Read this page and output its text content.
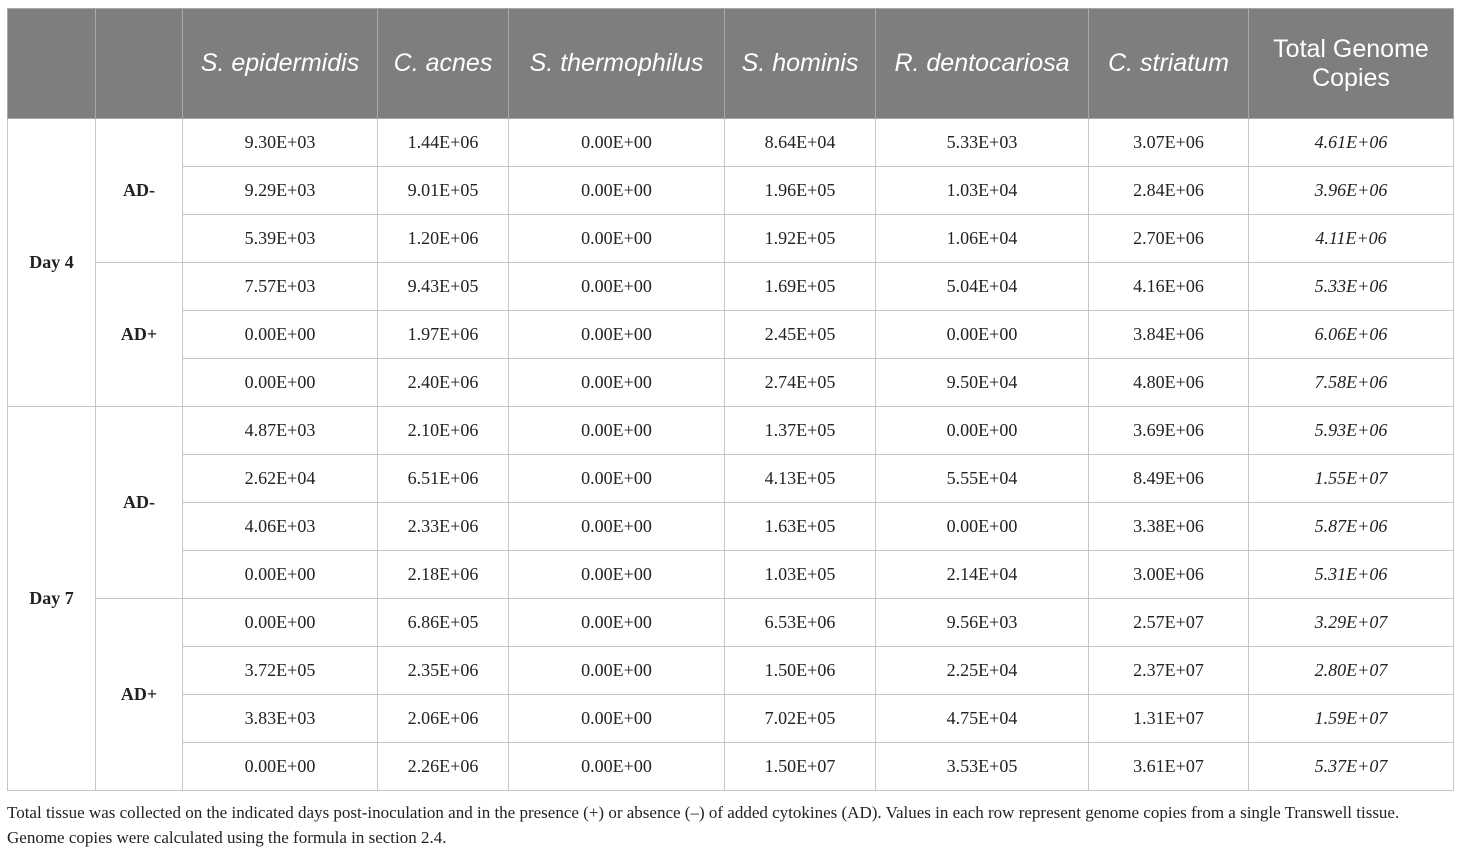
		S. epidermidis	C. acnes	S. thermophilus	S. hominis	R. dentocariosa	C. striatum	Total Genome Copies
Day 4	AD-	9.30E+03	1.44E+06	0.00E+00	8.64E+04	5.33E+03	3.07E+06	4.61E+06
		9.29E+03	9.01E+05	0.00E+00	1.96E+05	1.03E+04	2.84E+06	3.96E+06
		5.39E+03	1.20E+06	0.00E+00	1.92E+05	1.06E+04	2.70E+06	4.11E+06
	AD+	7.57E+03	9.43E+05	0.00E+00	1.69E+05	5.04E+04	4.16E+06	5.33E+06
		0.00E+00	1.97E+06	0.00E+00	2.45E+05	0.00E+00	3.84E+06	6.06E+06
		0.00E+00	2.40E+06	0.00E+00	2.74E+05	9.50E+04	4.80E+06	7.58E+06
Day 7	AD-	4.87E+03	2.10E+06	0.00E+00	1.37E+05	0.00E+00	3.69E+06	5.93E+06
		2.62E+04	6.51E+06	0.00E+00	4.13E+05	5.55E+04	8.49E+06	1.55E+07
		4.06E+03	2.33E+06	0.00E+00	1.63E+05	0.00E+00	3.38E+06	5.87E+06
		0.00E+00	2.18E+06	0.00E+00	1.03E+05	2.14E+04	3.00E+06	5.31E+06
	AD+	0.00E+00	6.86E+05	0.00E+00	6.53E+06	9.56E+03	2.57E+07	3.29E+07
		3.72E+05	2.35E+06	0.00E+00	1.50E+06	2.25E+04	2.37E+07	2.80E+07
		3.83E+03	2.06E+06	0.00E+00	7.02E+05	4.75E+04	1.31E+07	1.59E+07
		0.00E+00	2.26E+06	0.00E+00	1.50E+07	3.53E+05	3.61E+07	5.37E+07

Total tissue was collected on the indicated days post-inoculation and in the presence (+) or absence (–) of added cytokines (AD). Values in each row represent genome copies from a single Transwell tissue. Genome copies were calculated using the formula in section 2.4.
